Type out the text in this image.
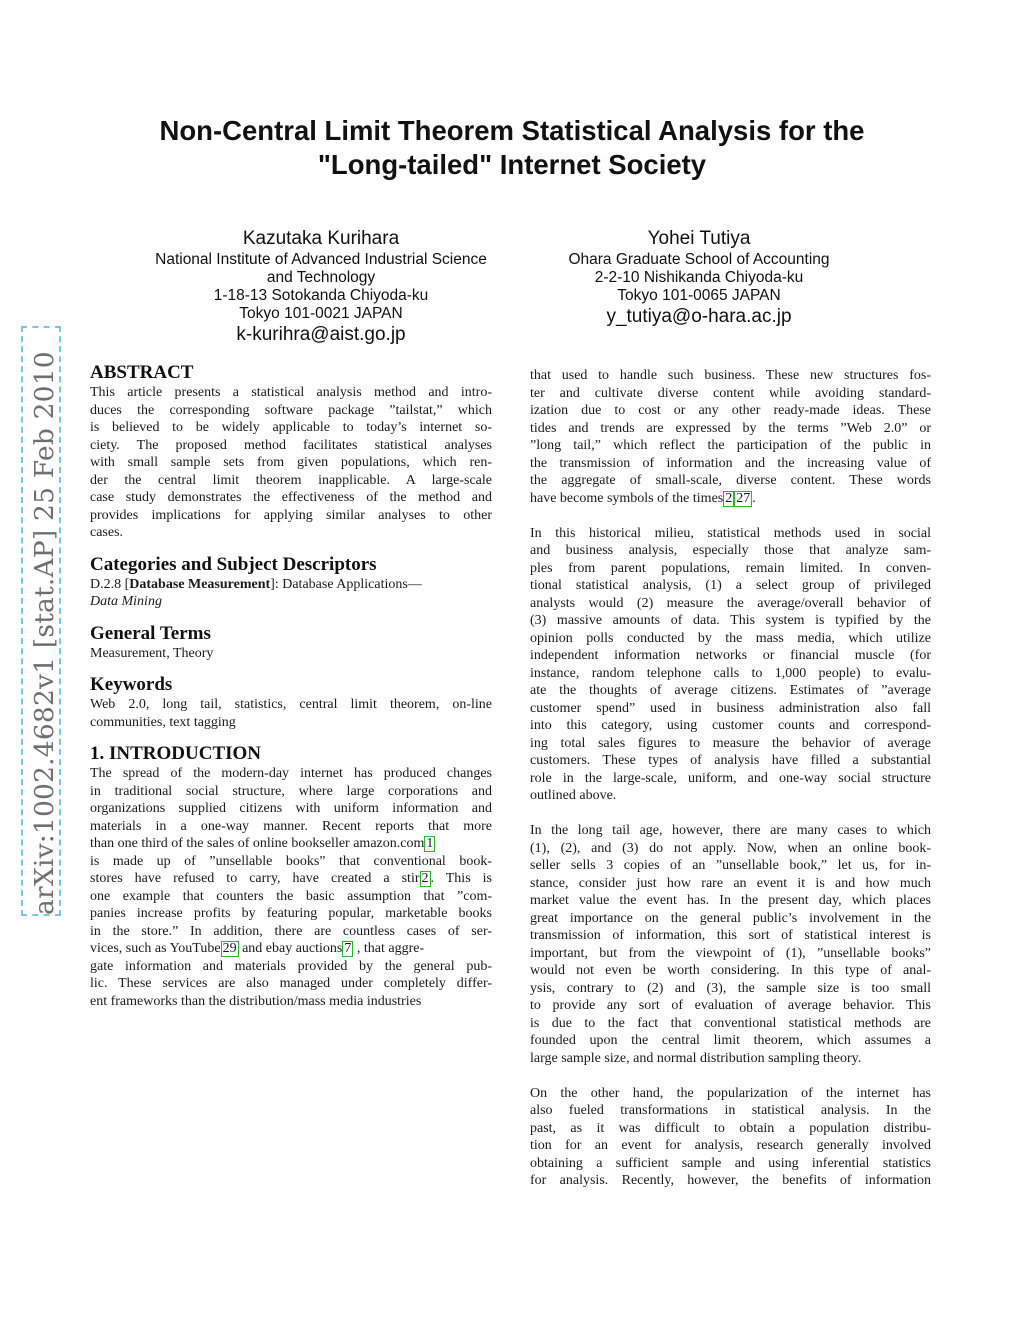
arXiv:1002.4682v1 [stat.AP] 25 Feb 2010
Non-Central Limit Theorem Statistical Analysis for the
"Long-tailed" Internet Society
Kazutaka Kurihara
National Institute of Advanced Industrial Science
and Technology
1-18-13 Sotokanda Chiyoda-ku
Tokyo 101-0021 JAPAN
k-kurihra@aist.go.jp
Yohei Tutiya
Ohara Graduate School of Accounting
2-2-10 Nishikanda Chiyoda-ku
Tokyo 101-0065 JAPAN
y_tutiya@o-hara.ac.jp
ABSTRACT
This article presents a statistical analysis method and intro-
duces the corresponding software package ”tailstat,” which
is believed to be widely applicable to today’s internet so-
ciety. The proposed method facilitates statistical analyses
with small sample sets from given populations, which ren-
der the central limit theorem inapplicable. A large-scale
case study demonstrates the effectiveness of the method and
provides implications for applying similar analyses to other
cases.
Categories and Subject Descriptors
D.2.8 [Database Measurement]: Database Applications—
Data Mining
General Terms
Measurement, Theory
Keywords
Web 2.0, long tail, statistics, central limit theorem, on-line
communities, text tagging
1. INTRODUCTION
The spread of the modern-day internet has produced changes
in traditional social structure, where large corporations and
organizations supplied citizens with uniform information and
materials in a one-way manner. Recent reports that more
than one third of the sales of online bookseller amazon.com 1
is made up of ”unsellable books” that conventional book-
stores have refused to carry, have created a stir 2 . This is
one example that counters the basic assumption that ”com-
panies increase profits by featuring popular, marketable books
in the store.” In addition, there are countless cases of ser-
vices, such as YouTube 29 and ebay auctions 7 , that aggre-
gate information and materials provided by the general pub-
lic. These services are also managed under completely differ-
ent frameworks than the distribution/mass media industries
that used to handle such business. These new structures fos-
ter and cultivate diverse content while avoiding standard-
ization due to cost or any other ready-made ideas. These
tides and trends are expressed by the terms ”Web 2.0” or
”long tail,” which reflect the participation of the public in
the transmission of information and the increasing value of
the aggregate of small-scale, diverse content. These words
have become symbols of the times 2 27 .
In this historical milieu, statistical methods used in social
and business analysis, especially those that analyze sam-
ples from parent populations, remain limited. In conven-
tional statistical analysis, (1) a select group of privileged
analysts would (2) measure the average/overall behavior of
(3) massive amounts of data. This system is typified by the
opinion polls conducted by the mass media, which utilize
independent information networks or financial muscle (for
instance, random telephone calls to 1,000 people) to evalu-
ate the thoughts of average citizens. Estimates of ”average
customer spend” used in business administration also fall
into this category, using customer counts and correspond-
ing total sales figures to measure the behavior of average
customers. These types of analysis have filled a substantial
role in the large-scale, uniform, and one-way social structure
outlined above.
In the long tail age, however, there are many cases to which
(1), (2), and (3) do not apply. Now, when an online book-
seller sells 3 copies of an ”unsellable book,” let us, for in-
stance, consider just how rare an event it is and how much
market value the event has. In the present day, which places
great importance on the general public’s involvement in the
transmission of information, this sort of statistical interest is
important, but from the viewpoint of (1), ”unsellable books”
would not even be worth considering. In this type of anal-
ysis, contrary to (2) and (3), the sample size is too small
to provide any sort of evaluation of average behavior. This
is due to the fact that conventional statistical methods are
founded upon the central limit theorem, which assumes a
large sample size, and normal distribution sampling theory.
On the other hand, the popularization of the internet has
also fueled transformations in statistical analysis. In the
past, as it was difficult to obtain a population distribu-
tion for an event for analysis, research generally involved
obtaining a sufficient sample and using inferential statistics
for analysis. Recently, however, the benefits of information
